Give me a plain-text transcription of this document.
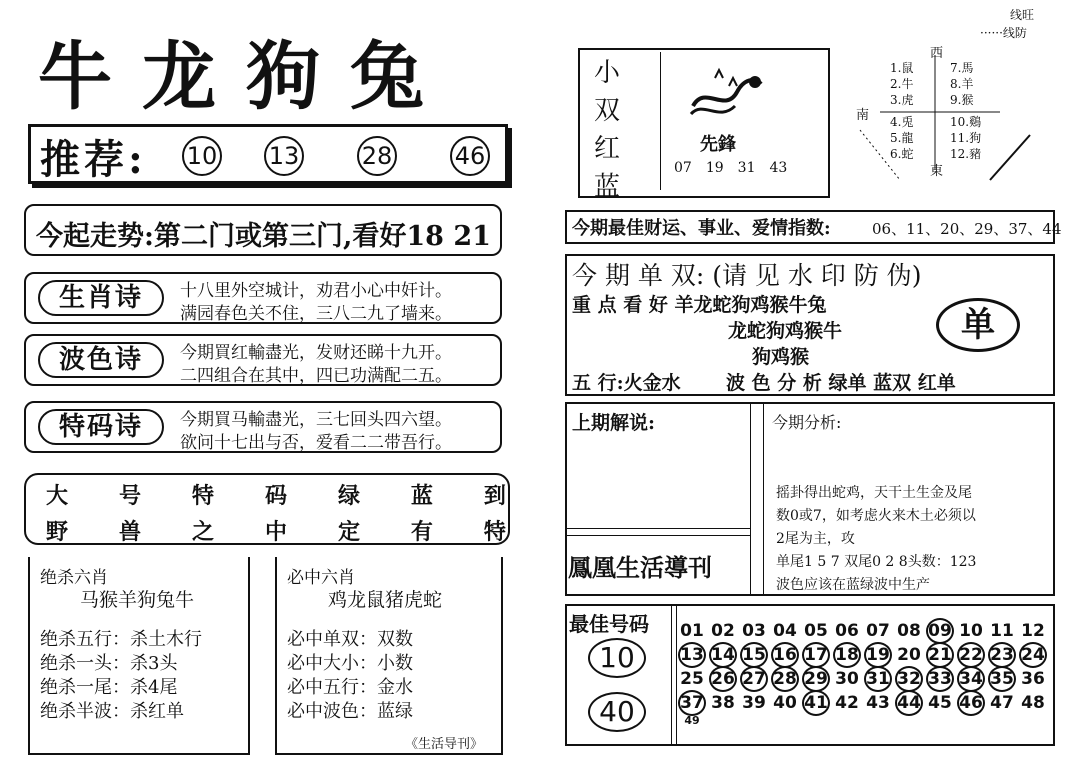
牛龙狗兔
推荐: 10 13	28	46
今起走势:第二门或第三门,看好18 21
生肖诗	十八里外空城计，劝君小心中奸计。
满园春色关不住，三八二九了墙来。
波色诗	今期買红輸盡光，发财还睇十九开。
二四组合在其中，四已功满配二五。
特码诗	今期買马輸盡光，三七回头四六望。
欲问十七出与否，爱看二二带吾行。
大 号 特 码 绿 蓝 到
野 兽 之 中 定 有 特
绝杀六肖
马猴羊狗兔牛
绝杀五行：杀土木行
绝杀一头：杀3头
绝杀一尾：杀4尾
绝杀半波：杀红单
必中六肖
鸡龙鼠猪虎蛇
必中单双：双数
必中大小：小数
必中五行：金水
必中波色：蓝绿
《生活导刊》
小
双
红
蓝
先鋒
07 19 31 43
西
南
東
1.鼠
2.牛
3.虎
4.兎
5.龍
6.蛇
7.馬
8.羊
9.猴
10.鷄
11.狗
12.豬
线旺
······线防
今期最佳财运、事业、爱情指数:	06、11、20、29、37、44
今 期 单 双: (请 见 水 印 防 伪)
重 点 看 好 羊龙蛇狗鸡猴牛兔
龙蛇狗鸡猴牛
狗鸡猴
单
五 行:火金水 波 色 分 析 绿单 蓝双 红单
上期解说:
鳳凰生活導刊
今期分析:
摇卦得出蛇鸡，天干土生金及尾
数0或7，如考虑火来木土必须以
2尾为主，攻
单尾1 5 7 双尾0 2 8头数：123
波色应该在蓝绿波中生产
最佳号码
10
40
01 02 03 04 05 06 07 08 09 10 11 12
13 14 15 16 17 18 19 20 21 22 23 24
25 26 27 28 29 30 31 32 33 34 35 36
37 38 39 40 41 42 43 44 45 46 47 48
49
